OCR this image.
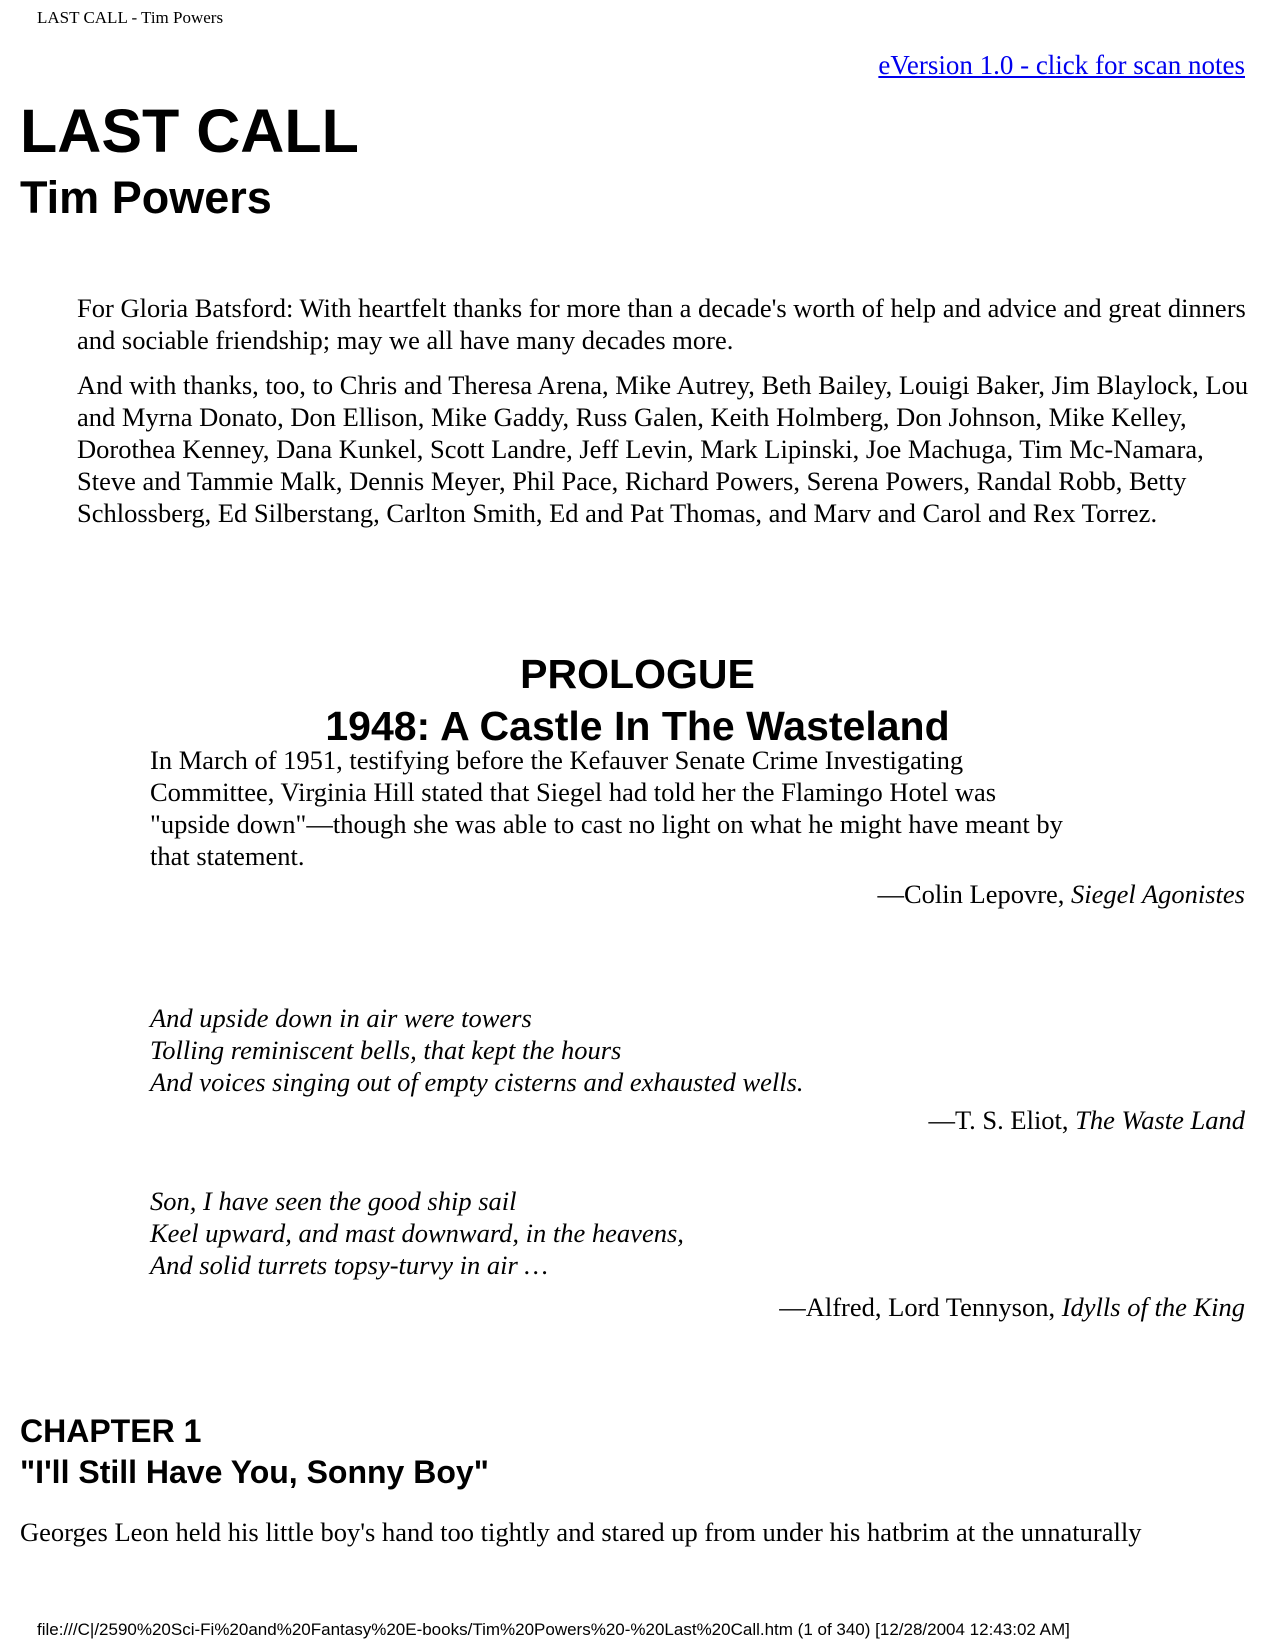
LAST CALL - Tim Powers
eVersion 1.0 - click for scan notes
LAST CALL
Tim Powers

For Gloria Batsford: With heartfelt thanks for more than a decade's worth of help and advice and great dinners and sociable friendship; may we all have many decades more.

And with thanks, too, to Chris and Theresa Arena, Mike Autrey, Beth Bailey, Louigi Baker, Jim Blaylock, Lou and Myrna Donato, Don Ellison, Mike Gaddy, Russ Galen, Keith Holmberg, Don Johnson, Mike Kelley, Dorothea Kenney, Dana Kunkel, Scott Landre, Jeff Levin, Mark Lipinski, Joe Machuga, Tim Mc-Namara, Steve and Tammie Malk, Dennis Meyer, Phil Pace, Richard Powers, Serena Powers, Randal Robb, Betty Schlossberg, Ed Silberstang, Carlton Smith, Ed and Pat Thomas, and Marv and Carol and Rex Torrez.

PROLOGUE
1948: A Castle In The Wasteland
In March of 1951, testifying before the Kefauver Senate Crime Investigating Committee, Virginia Hill stated that Siegel had told her the Flamingo Hotel was "upside down"—though she was able to cast no light on what he might have meant by that statement.
—Colin Lepovre, Siegel Agonistes
And upside down in air were towers
Tolling reminiscent bells, that kept the hours
And voices singing out of empty cisterns and exhausted wells.
—T. S. Eliot, The Waste Land
Son, I have seen the good ship sail
Keel upward, and mast downward, in the heavens,
And solid turrets topsy-turvy in air …
—Alfred, Lord Tennyson, Idylls of the King
CHAPTER 1
"I'll Still Have You, Sonny Boy"
Georges Leon held his little boy's hand too tightly and stared up from under his hatbrim at the unnaturally
file:///C|/2590%20Sci-Fi%20and%20Fantasy%20E-books/Tim%20Powers%20-%20Last%20Call.htm (1 of 340) [12/28/2004 12:43:02 AM]
